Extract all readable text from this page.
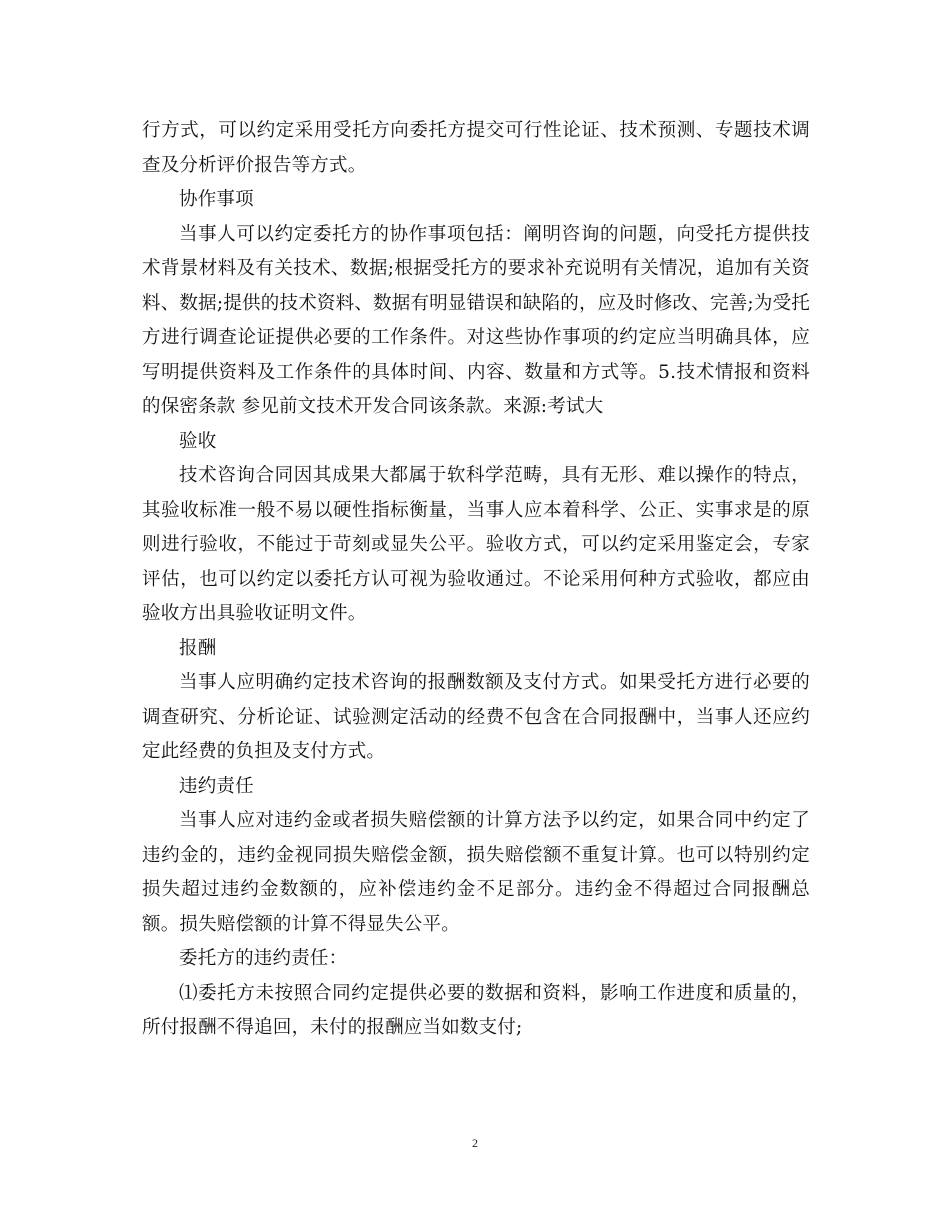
行方式，可以约定采用受托方向委托方提交可行性论证、技术预测、专题技术调查及分析评价报告等方式。

协作事项

当事人可以约定委托方的协作事项包括：阐明咨询的问题，向受托方提供技术背景材料及有关技术、数据;根据受托方的要求补充说明有关情况，追加有关资料、数据;提供的技术资料、数据有明显错误和缺陷的，应及时修改、完善;为受托方进行调查论证提供必要的工作条件。对这些协作事项的约定应当明确具体，应写明提供资料及工作条件的具体时间、内容、数量和方式等。5.技术情报和资料的保密条款 参见前文技术开发合同该条款。来源:考试大

验收

技术咨询合同因其成果大都属于软科学范畴，具有无形、难以操作的特点，其验收标准一般不易以硬性指标衡量，当事人应本着科学、公正、实事求是的原则进行验收，不能过于苛刻或显失公平。验收方式，可以约定采用鉴定会，专家评估，也可以约定以委托方认可视为验收通过。不论采用何种方式验收，都应由验收方出具验收证明文件。

报酬

当事人应明确约定技术咨询的报酬数额及支付方式。如果受托方进行必要的调查研究、分析论证、试验测定活动的经费不包含在合同报酬中，当事人还应约定此经费的负担及支付方式。

违约责任

当事人应对违约金或者损失赔偿额的计算方法予以约定，如果合同中约定了违约金的，违约金视同损失赔偿金额，损失赔偿额不重复计算。也可以特别约定损失超过违约金数额的，应补偿违约金不足部分。违约金不得超过合同报酬总额。损失赔偿额的计算不得显失公平。

委托方的违约责任：

⑴委托方未按照合同约定提供必要的数据和资料，影响工作进度和质量的，所付报酬不得追回，未付的报酬应当如数支付;

2
